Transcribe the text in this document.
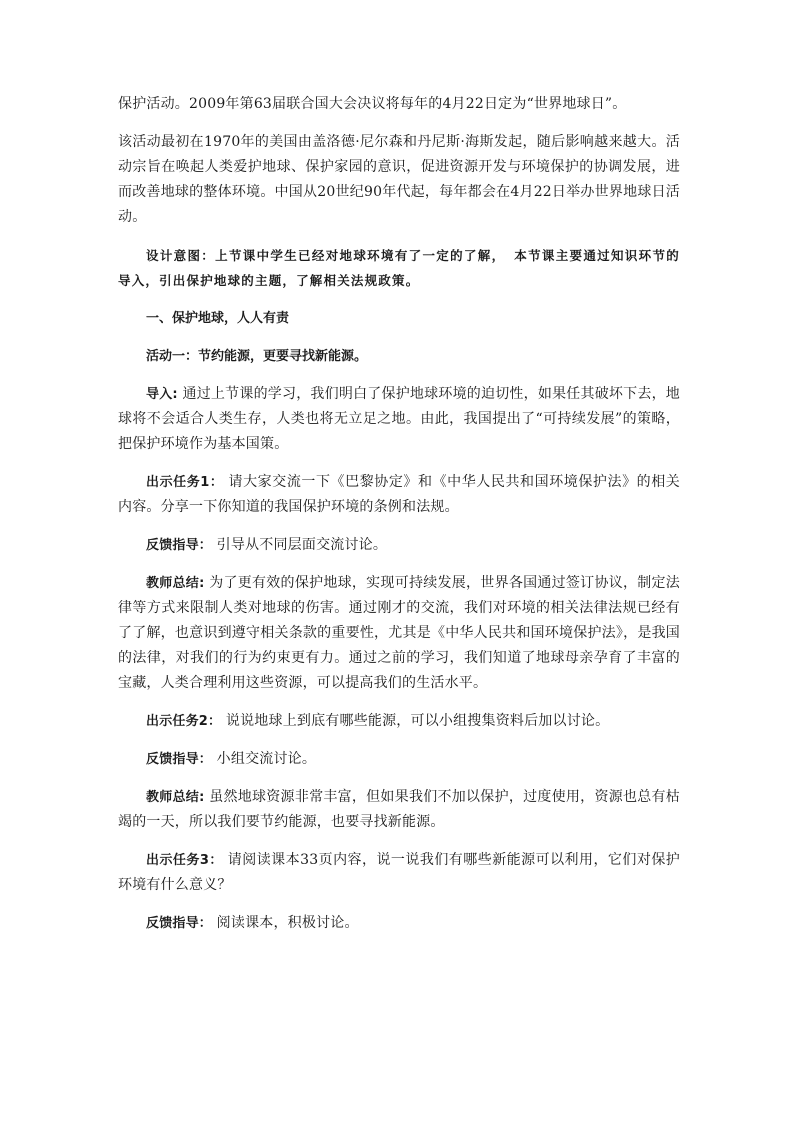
保护活动。2009年第63届联合国大会决议将每年的4月22日定为“世界地球日”。

该活动最初在1970年的美国由盖洛德·尼尔森和丹尼斯·海斯发起，随后影响越来越大。活动宗旨在唤起人类爱护地球、保护家园的意识，促进资源开发与环境保护的协调发展，进而改善地球的整体环境。中国从20世纪90年代起，每年都会在4月22日举办世界地球日活动。

设计意图：上节课中学生已经对地球环境有了一定的了解， 本节课主要通过知识环节的导入，引出保护地球的主题，了解相关法规政策。

一、保护地球，人人有责

活动一：节约能源，更要寻找新能源。

导入: 通过上节课的学习，我们明白了保护地球环境的迫切性，如果任其破坏下去，地球将不会适合人类生存，人类也将无立足之地。由此，我国提出了“可持续发展”的策略，把保护环境作为基本国策。

出示任务1： 请大家交流一下《巴黎协定》和《中华人民共和国环境保护法》的相关内容。分享一下你知道的我国保护环境的条例和法规。

反馈指导： 引导从不同层面交流讨论。

教师总结: 为了更有效的保护地球，实现可持续发展，世界各国通过签订协议，制定法律等方式来限制人类对地球的伤害。通过刚才的交流，我们对环境的相关法律法规已经有了了解，也意识到遵守相关条款的重要性，尤其是《中华人民共和国环境保护法》，是我国的法律，对我们的行为约束更有力。通过之前的学习，我们知道了地球母亲孕育了丰富的宝藏，人类合理利用这些资源，可以提高我们的生活水平。

出示任务2： 说说地球上到底有哪些能源，可以小组搜集资料后加以讨论。

反馈指导： 小组交流讨论。

教师总结: 虽然地球资源非常丰富，但如果我们不加以保护，过度使用，资源也总有枯竭的一天，所以我们要节约能源，也要寻找新能源。

出示任务3： 请阅读课本33页内容，说一说我们有哪些新能源可以利用，它们对保护环境有什么意义？

反馈指导： 阅读课本，积极讨论。
